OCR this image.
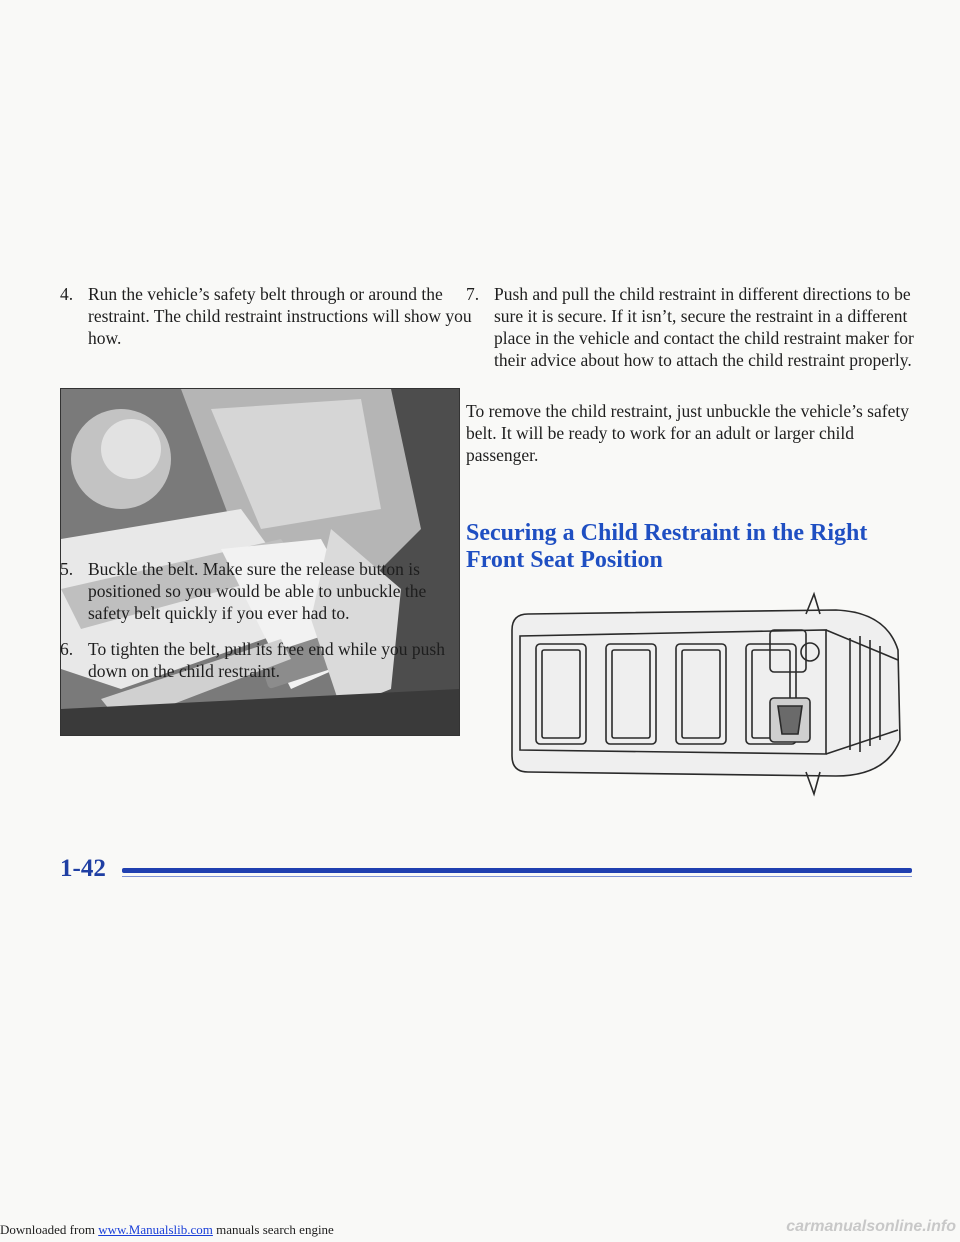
4. Run the vehicle’s safety belt through or around the restraint. The child restraint instructions will show you how.
5. Buckle the belt. Make sure the release button is positioned so you would be able to unbuckle the safety belt quickly if you ever had to.
6. To tighten the belt, pull its free end while you push down on the child restraint.
7. Push and pull the child restraint in different directions to be sure it is secure. If it isn’t, secure the restraint in a different place in the vehicle and contact the child restraint maker for their advice about how to attach the child restraint properly.

To remove the child restraint, just unbuckle the vehicle’s safety belt. It will be ready to work for an adult or larger child passenger.

Securing a Child Restraint in the Right Front Seat Position
1-42
Downloaded from www.Manualslib.com manuals search engine	carmanualsonline.info
